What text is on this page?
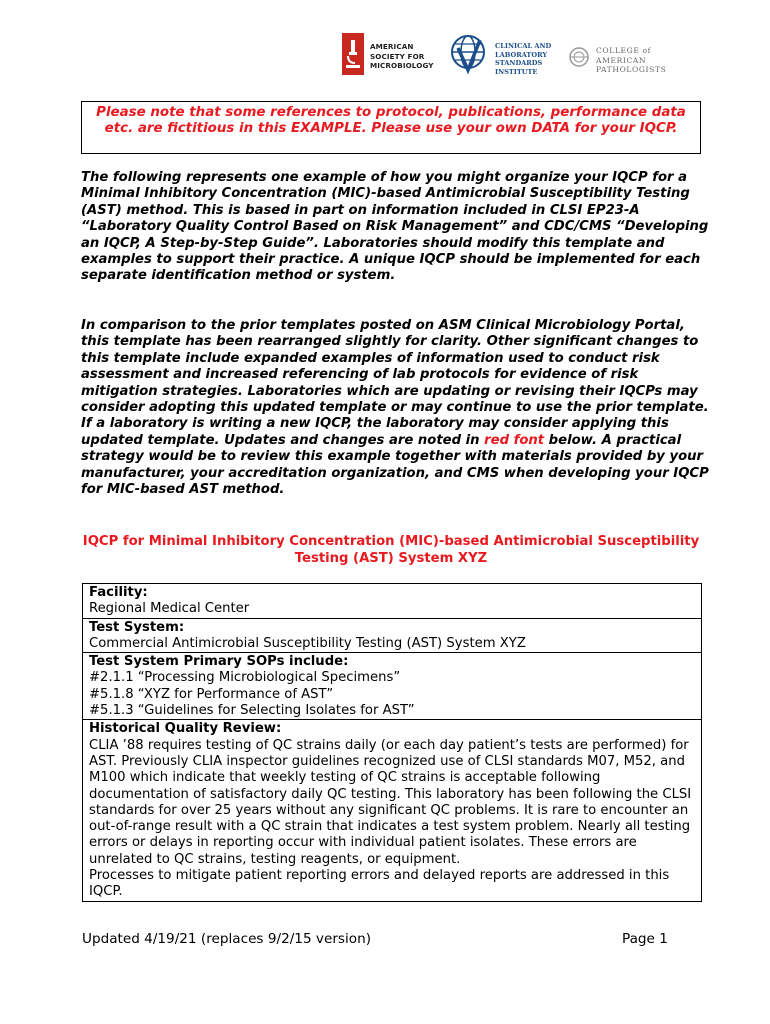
AMERICAN
SOCIETY FOR
MICROBIOLOGY
CLINICAL AND
LABORATORY
STANDARDS
INSTITUTE
COLLEGE of AMERICAN
PATHOLOGISTS
Please note that some references to protocol, publications, performance data etc. are fictitious in this EXAMPLE. Please use your own DATA for your IQCP.
The following represents one example of how you might organize your IQCP for a Minimal Inhibitory Concentration (MIC)-based Antimicrobial Susceptibility Testing (AST) method. This is based in part on information included in CLSI EP23-A “Laboratory Quality Control Based on Risk Management” and CDC/CMS “Developing an IQCP, A Step-by-Step Guide”. Laboratories should modify this template and examples to support their practice. A unique IQCP should be implemented for each separate identification method or system.
In comparison to the prior templates posted on ASM Clinical Microbiology Portal, this template has been rearranged slightly for clarity. Other significant changes to this template include expanded examples of information used to conduct risk assessment and increased referencing of lab protocols for evidence of risk mitigation strategies. Laboratories which are updating or revising their IQCPs may consider adopting this updated template or may continue to use the prior template. If a laboratory is writing a new IQCP, the laboratory may consider applying this updated template. Updates and changes are noted in red font below. A practical strategy would be to review this example together with materials provided by your manufacturer, your accreditation organization, and CMS when developing your IQCP for MIC-based AST method.
IQCP for Minimal Inhibitory Concentration (MIC)-based Antimicrobial Susceptibility Testing (AST) System XYZ
Facility:
Regional Medical Center
Test System:
Commercial Antimicrobial Susceptibility Testing (AST) System XYZ
Test System Primary SOPs include:
#2.1.1 “Processing Microbiological Specimens”
#5.1.8 “XYZ for Performance of AST”
#5.1.3 “Guidelines for Selecting Isolates for AST”
Historical Quality Review:
CLIA ’88 requires testing of QC strains daily (or each day patient’s tests are performed) for AST. Previously CLIA inspector guidelines recognized use of CLSI standards M07, M52, and M100 which indicate that weekly testing of QC strains is acceptable following documentation of satisfactory daily QC testing. This laboratory has been following the CLSI standards for over 25 years without any significant QC problems. It is rare to encounter an out-of-range result with a QC strain that indicates a test system problem. Nearly all testing errors or delays in reporting occur with individual patient isolates. These errors are unrelated to QC strains, testing reagents, or equipment.
Processes to mitigate patient reporting errors and delayed reports are addressed in this IQCP.
Updated 4/19/21 (replaces 9/2/15 version)	Page 1
